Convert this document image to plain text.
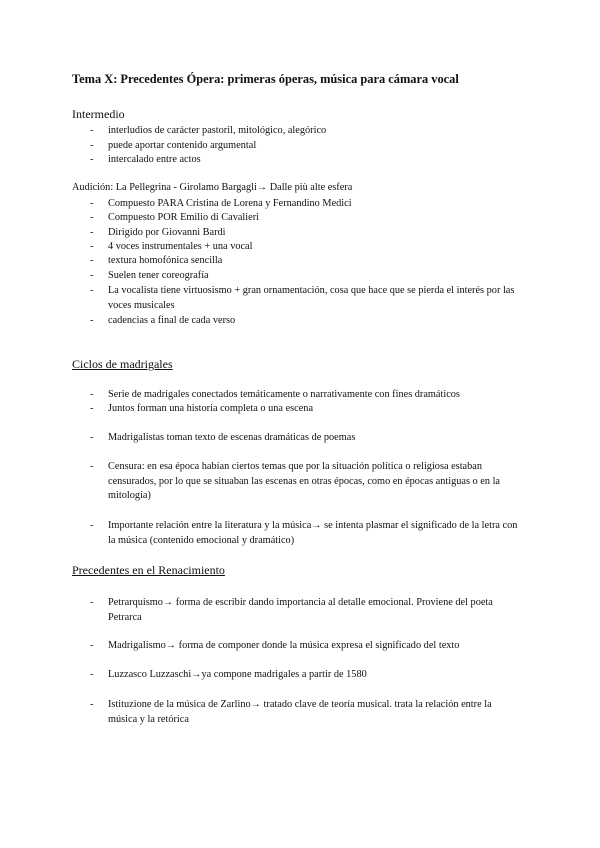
Tema X: Precedentes Ópera: primeras óperas, música para cámara vocal
Intermedio
- interludios de carácter pastoril, mitológico, alegórico
- puede aportar contenido argumental
- intercalado entre actos
Audición: La Pellegrina - Girolamo Bargagli→ Dalle più alte esfera
- Compuesto PARA Cristina de Lorena y Fernandino Medici
- Compuesto POR Emilio di Cavalieri
- Dirigido por Giovanni Bardi
- 4 voces instrumentales + una vocal
- textura homofónica sencilla
- Suelen tener coreografía
- La vocalista tiene virtuosismo + gran ornamentación, cosa que hace que se pierda el interés por las voces musicales
- cadencias a final de cada verso
Ciclos de madrigales
- Serie de madrigales conectados temáticamente o narrativamente con fines dramáticos
- Juntos forman una historia completa o una escena
- Madrigalistas toman texto de escenas dramáticas de poemas
- Censura: en esa época habían ciertos temas que por la situación política o religiosa estaban censurados, por lo que se situaban las escenas en otras épocas, como en épocas antiguas o en la mitología)
- Importante relación entre la literatura y la música→ se intenta plasmar el significado de la letra con la música (contenido emocional y dramático)
Precedentes en el Renacimiento
- Petrarquismo→ forma de escribir dando importancia al detalle emocional. Proviene del poeta Petrarca
- Madrigalismo→ forma de componer donde la música expresa el significado del texto
- Luzzasco Luzzaschi→ya compone madrigales a partir de 1580
- Istituzione de la música de Zarlino→ tratado clave de teoría musical. trata la relación entre la música y la retórica
